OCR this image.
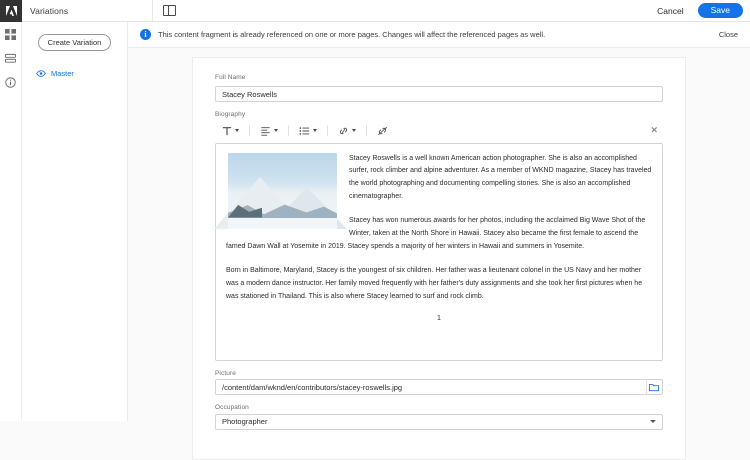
Variations	Cancel	Save
Create Variation
Master
i	This content fragment is already referenced on one or more pages. Changes will affect the referenced pages as well.	Close
Full Name
Stacey Roswells
Biography
✕

Stacey Roswells is a well known American action photographer. She is also an accomplished surfer, rock climber and alpine adventurer. As a member of WKND magazine, Stacey has traveled the world photographing and documenting compelling stories. She is also an accomplished cinematographer.

Stacey has won numerous awards for her photos, including the acclaimed Big Wave Shot of the Winter, taken at the North Shore in Hawaii. Stacey also became the first female to ascend the famed Dawn Wall at Yosemite in 2019. Stacey spends a majority of her winters in Hawaii and summers in Yosemite.

Born in Baltimore, Maryland, Stacey is the youngest of six children. Her father was a lieutenant colonel in the US Navy and her mother was a modern dance instructor. Her family moved frequently with her father's duty assignments and she took her first pictures when he was stationed in Thailand. This is also where Stacey learned to surf and rock climb.

1
Picture
/content/dam/wknd/en/contributors/stacey-roswells.jpg
Occupation
Photographer
